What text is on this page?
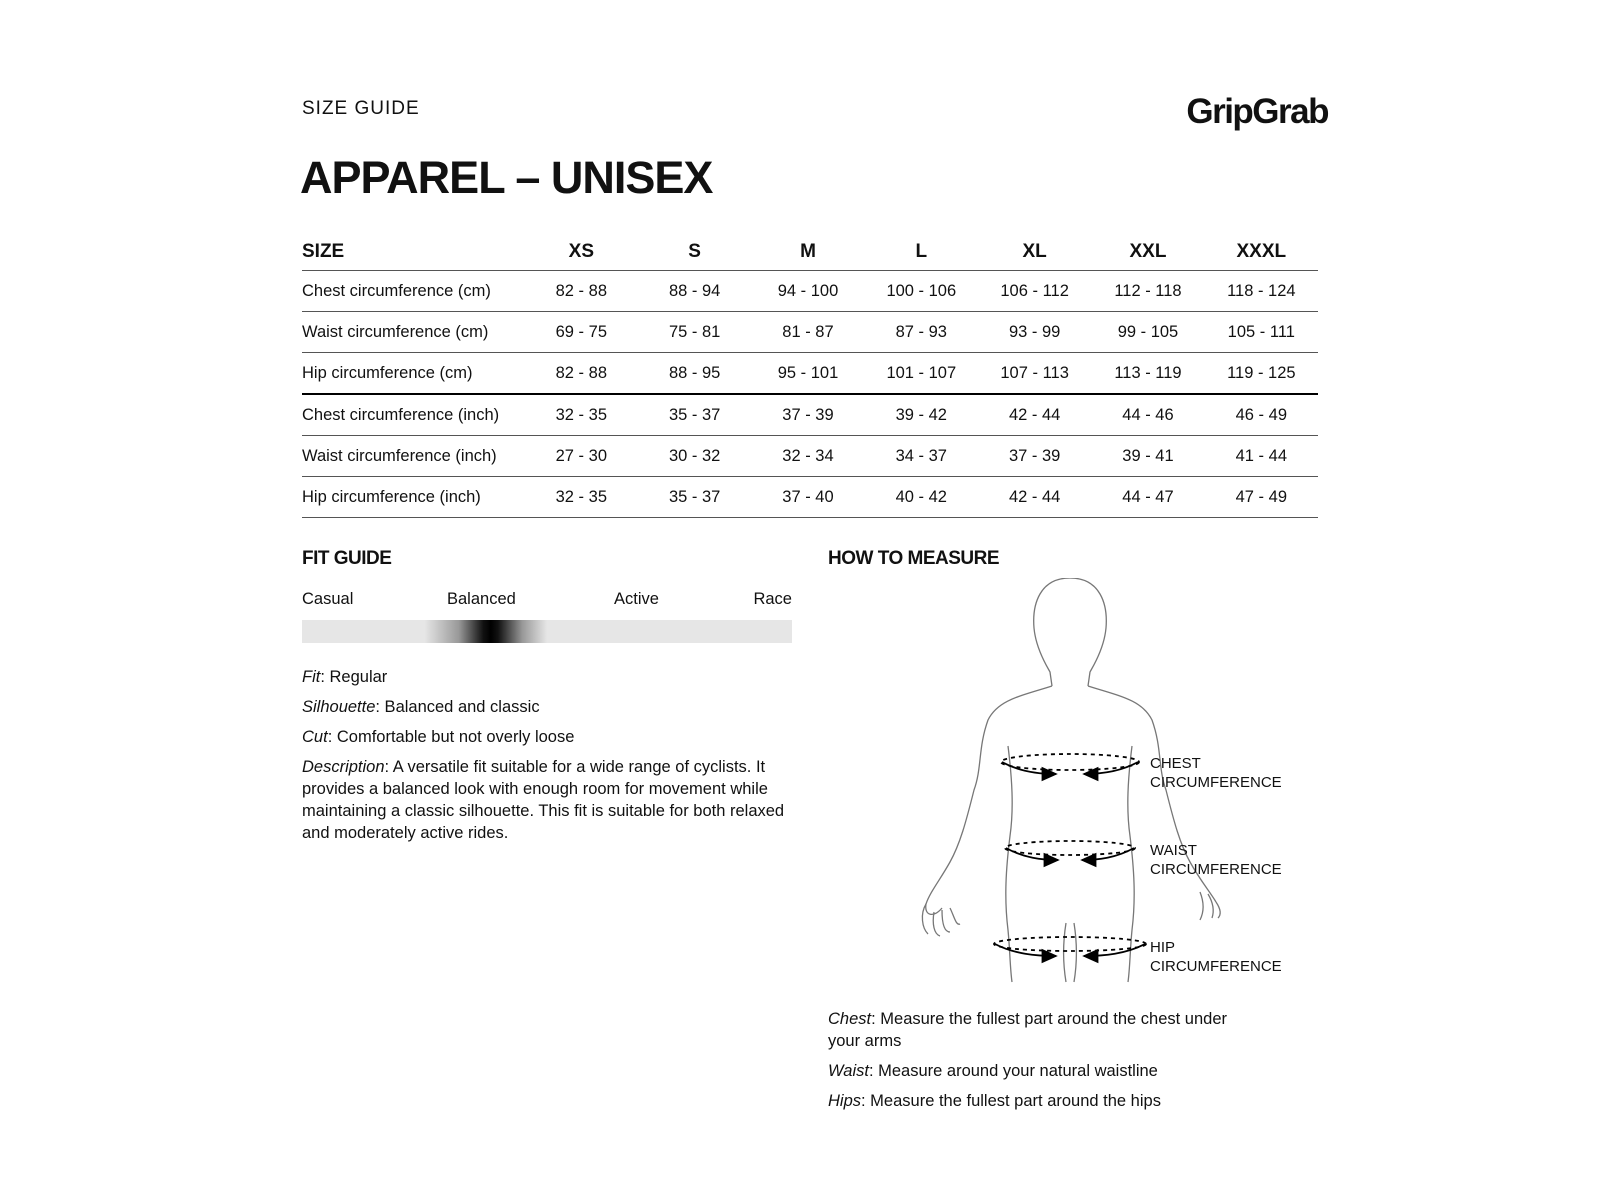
SIZE GUIDE	GripGrab
APPAREL – UNISEX
SIZE	XS	S	M	L	XL	XXL	XXXL
Chest circumference (cm)	82 - 88	88 - 94	94 - 100	100 - 106	106 - 112	112 - 118	118 - 124
Waist circumference (cm)	69 - 75	75 - 81	81 - 87	87 - 93	93 - 99	99 - 105	105 - 111
Hip circumference (cm)	82 - 88	88 - 95	95 - 101	101 - 107	107 - 113	113 - 119	119 - 125
Chest circumference (inch)	32 - 35	35 - 37	37 - 39	39 - 42	42 - 44	44 - 46	46 - 49
Waist circumference (inch)	27 - 30	30 - 32	32 - 34	34 - 37	37 - 39	39 - 41	41 - 44
Hip circumference (inch)	32 - 35	35 - 37	37 - 40	40 - 42	42 - 44	44 - 47	47 - 49
FIT GUIDE
Casual	Balanced	Active	Race

Fit: Regular

Silhouette: Balanced and classic

Cut: Comfortable but not overly loose

Description: A versatile fit suitable for a wide range of cyclists. It provides a balanced look with enough room for movement while maintaining a classic silhouette. This fit is suitable for both relaxed and moderately active rides.

HOW TO MEASURE
CHEST
CIRCUMFERENCE
WAIST
CIRCUMFERENCE
HIP
CIRCUMFERENCE

Chest: Measure the fullest part around the chest under your arms

Waist: Measure around your natural waistline

Hips: Measure the fullest part around the hips
